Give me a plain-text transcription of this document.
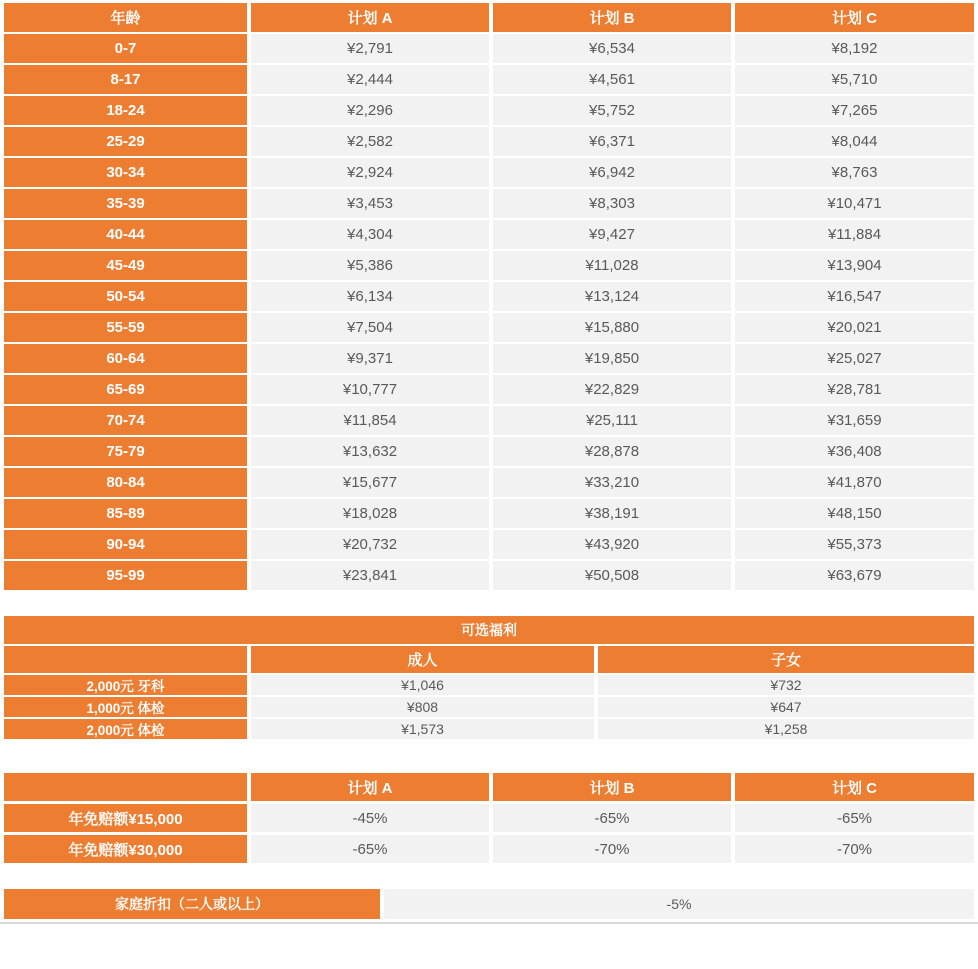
年龄	计划 A	计划 B	计划 C
0-7	¥2,791	¥6,534	¥8,192
8-17	¥2,444	¥4,561	¥5,710
18-24	¥2,296	¥5,752	¥7,265
25-29	¥2,582	¥6,371	¥8,044
30-34	¥2,924	¥6,942	¥8,763
35-39	¥3,453	¥8,303	¥10,471
40-44	¥4,304	¥9,427	¥11,884
45-49	¥5,386	¥11,028	¥13,904
50-54	¥6,134	¥13,124	¥16,547
55-59	¥7,504	¥15,880	¥20,021
60-64	¥9,371	¥19,850	¥25,027
65-69	¥10,777	¥22,829	¥28,781
70-74	¥11,854	¥25,111	¥31,659
75-79	¥13,632	¥28,878	¥36,408
80-84	¥15,677	¥33,210	¥41,870
85-89	¥18,028	¥38,191	¥48,150
90-94	¥20,732	¥43,920	¥55,373
95-99	¥23,841	¥50,508	¥63,679
可选福利		
	成人	子女
2,000元 牙科	¥1,046	¥732
1,000元 体检	¥808	¥647
2,000元 体检	¥1,573	¥1,258
	计划 A	计划 B	计划 C
年免赔额¥15,000	-45%	-65%	-65%
年免赔额¥30,000	-65%	-70%	-70%
家庭折扣（二人或以上）	-5%
